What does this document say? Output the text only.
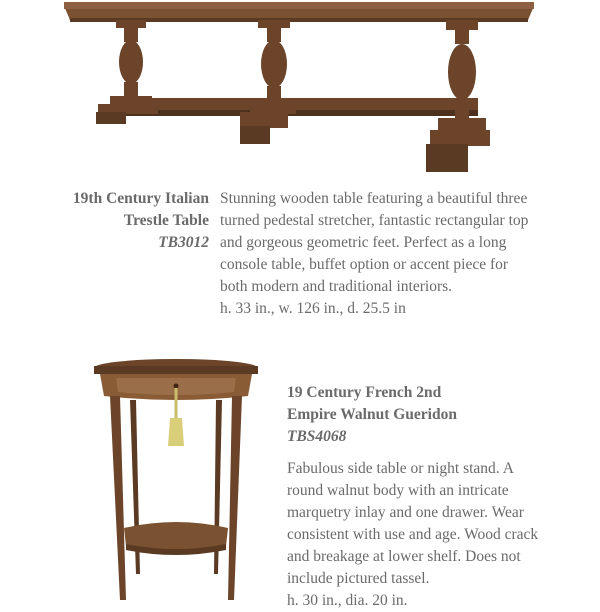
19th Century Italian
Trestle Table
TB3012
Stunning wooden table featuring a beautiful three
turned pedestal stretcher, fantastic rectangular top
and gorgeous geometric feet. Perfect as a long
console table, buffet option or accent piece for
both modern and traditional interiors.
h. 33 in., w. 126 in., d. 25.5 in
19 Century French 2nd
Empire Walnut Gueridon
TBS4068
Fabulous side table or night stand. A
round walnut body with an intricate
marquetry inlay and one drawer. Wear
consistent with use and age. Wood crack
and breakage at lower shelf. Does not
include pictured tassel.
h. 30 in., dia. 20 in.
